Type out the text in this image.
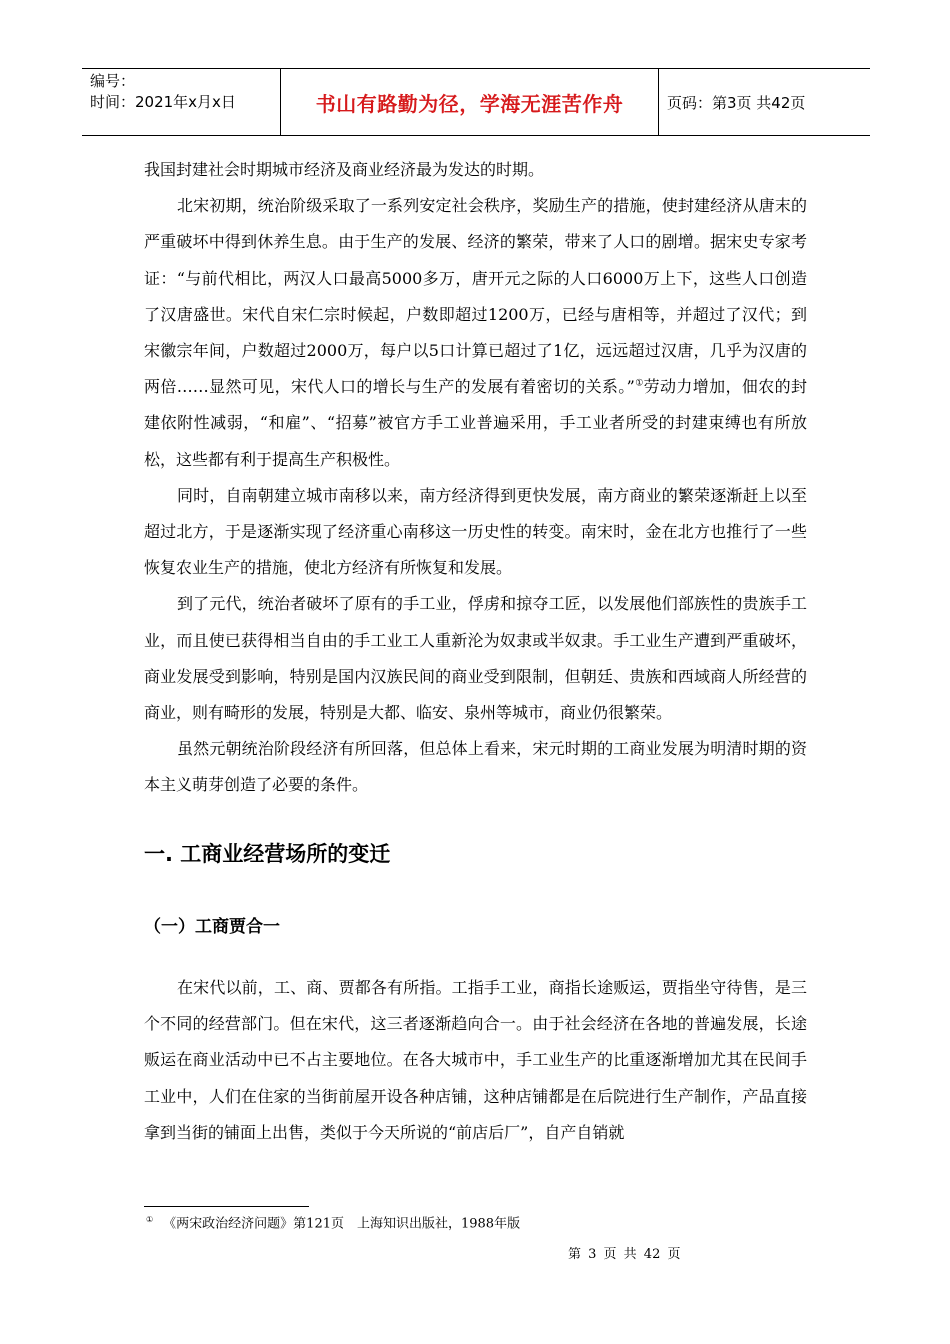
编号：
时间：2021年x月x日	书山有路勤为径，学海无涯苦作舟	页码：第3页 共42页

我国封建社会时期城市经济及商业经济最为发达的时期。

北宋初期，统治阶级采取了一系列安定社会秩序，奖励生产的措施，使封建经济从唐末的严重破坏中得到休养生息。由于生产的发展、经济的繁荣，带来了人口的剧增。据宋史专家考证：“与前代相比，两汉人口最高5000多万，唐开元之际的人口6000万上下，这些人口创造了汉唐盛世。宋代自宋仁宗时候起，户数即超过1200万，已经与唐相等，并超过了汉代；到宋徽宗年间，户数超过2000万，每户以5口计算已超过了1亿，远远超过汉唐，几乎为汉唐的两倍……显然可见，宋代人口的增长与生产的发展有着密切的关系。”①劳动力增加，佃农的封建依附性减弱，“和雇”、“招募”被官方手工业普遍采用，手工业者所受的封建束缚也有所放松，这些都有利于提高生产积极性。

同时，自南朝建立城市南移以来，南方经济得到更快发展，南方商业的繁荣逐渐赶上以至超过北方，于是逐渐实现了经济重心南移这一历史性的转变。南宋时，金在北方也推行了一些恢复农业生产的措施，使北方经济有所恢复和发展。

到了元代，统治者破坏了原有的手工业，俘虏和掠夺工匠，以发展他们部族性的贵族手工业，而且使已获得相当自由的手工业工人重新沦为奴隶或半奴隶。手工业生产遭到严重破坏，商业发展受到影响，特别是国内汉族民间的商业受到限制，但朝廷、贵族和西域商人所经营的商业，则有畸形的发展，特别是大都、临安、泉州等城市，商业仍很繁荣。

虽然元朝统治阶段经济有所回落，但总体上看来，宋元时期的工商业发展为明清时期的资本主义萌芽创造了必要的条件。

一. 工商业经营场所的变迁
（一）工商贾合一

在宋代以前，工、商、贾都各有所指。工指手工业，商指长途贩运，贾指坐守待售，是三个不同的经营部门。但在宋代，这三者逐渐趋向合一。由于社会经济在各地的普遍发展，长途贩运在商业活动中已不占主要地位。在各大城市中，手工业生产的比重逐渐增加尤其在民间手工业中，人们在住家的当街前屋开设各种店铺，这种店铺都是在后院进行生产制作，产品直接拿到当街的铺面上出售，类似于今天所说的“前店后厂”，自产自销就

① 《两宋政治经济问题》第121页　上海知识出版社，1988年版
第 3 页 共 42 页
